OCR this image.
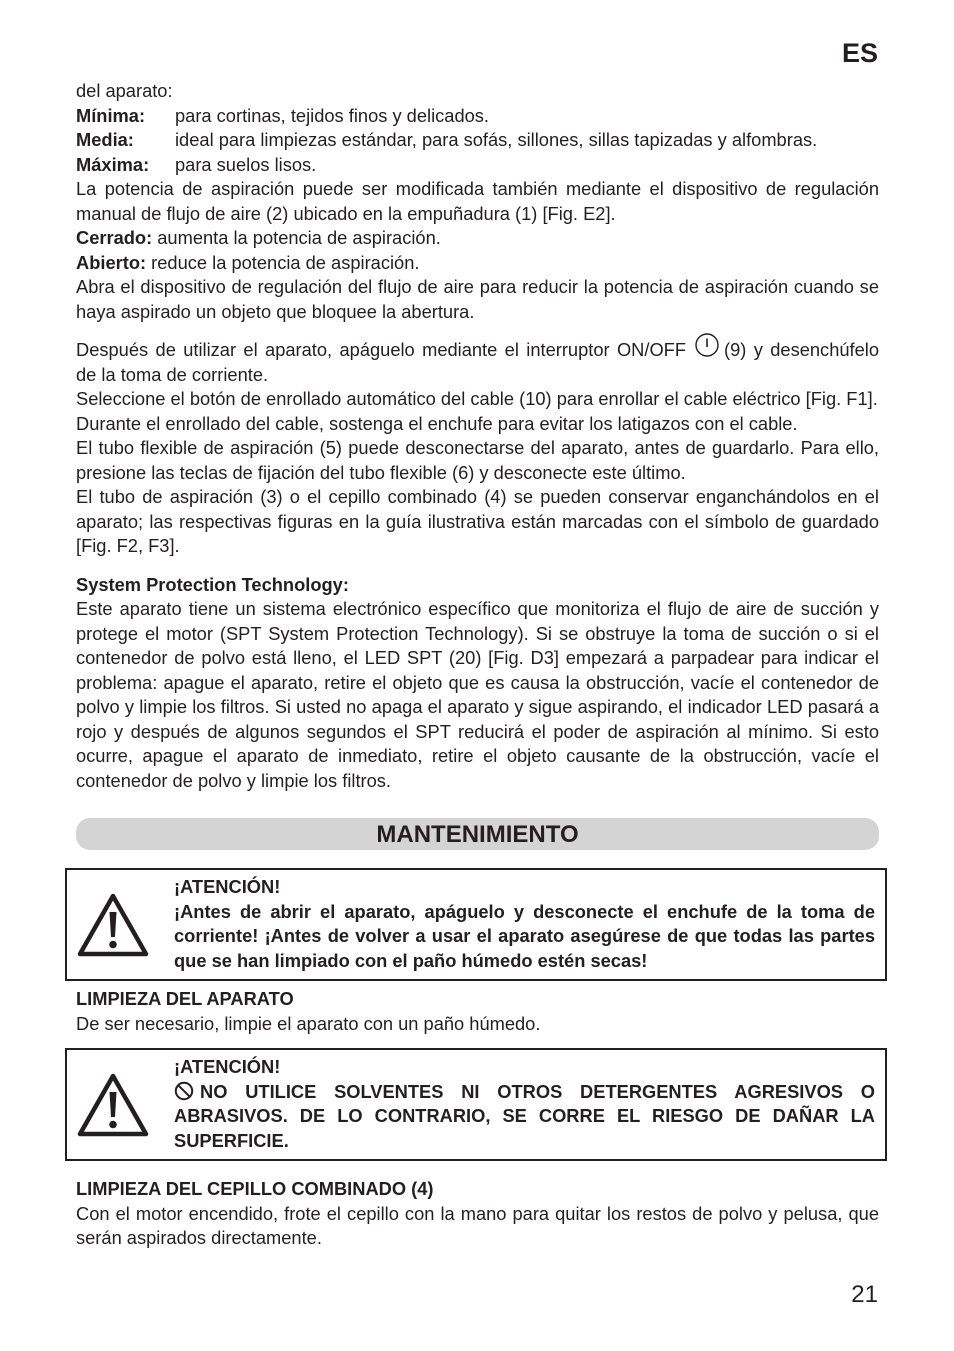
ES

del aparato:

Mínima:	para cortinas, tejidos finos y delicados.
Media:	ideal para limpiezas estándar, para sofás, sillones, sillas tapizadas y alfombras.
Máxima:	para suelos lisos.

La potencia de aspiración puede ser modificada también mediante el dispositivo de regulación manual de flujo de aire (2) ubicado en la empuñadura (1) [Fig. E2].

Cerrado: aumenta la potencia de aspiración.

Abierto: reduce la potencia de aspiración.

Abra el dispositivo de regulación del flujo de aire para reducir la potencia de aspiración cuando se haya aspirado un objeto que bloquee la abertura.

Después de utilizar el aparato, apáguelo mediante el interruptor ON/OFF (9) y desenchúfelo de la toma de corriente.

Seleccione el botón de enrollado automático del cable (10) para enrollar el cable eléctrico [Fig. F1].

Durante el enrollado del cable, sostenga el enchufe para evitar los latigazos con el cable.

El tubo flexible de aspiración (5) puede desconectarse del aparato, antes de guardarlo. Para ello, presione las teclas de fijación del tubo flexible (6) y desconecte este último.

El tubo de aspiración (3) o el cepillo combinado (4) se pueden conservar enganchándolos en el aparato; las respectivas figuras en la guía ilustrativa están marcadas con el símbolo de guardado [Fig. F2, F3].

System Protection Technology:

Este aparato tiene un sistema electrónico específico que monitoriza el flujo de aire de succión y protege el motor (SPT System Protection Technology). Si se obstruye la toma de succión o si el contenedor de polvo está lleno, el LED SPT (20) [Fig. D3] empezará a parpadear para indicar el problema: apague el aparato, retire el objeto que es causa la obstrucción, vacíe el contenedor de polvo y limpie los filtros. Si usted no apaga el aparato y sigue aspirando, el indicador LED pasará a rojo y después de algunos segundos el SPT reducirá el poder de aspiración al mínimo. Si esto ocurre, apague el aparato de inmediato, retire el objeto causante de la obstrucción, vacíe el contenedor de polvo y limpie los filtros.

MANTENIMIENTO
¡ATENCIÓN!

¡Antes de abrir el aparato, apáguelo y desconecte el enchufe de la toma de corriente! ¡Antes de volver a usar el aparato asegúrese de que todas las partes que se han limpiado con el paño húmedo estén secas!

LIMPIEZA DEL APARATO

De ser necesario, limpie el aparato con un paño húmedo.

¡ATENCIÓN!

NO UTILICE SOLVENTES NI OTROS DETERGENTES AGRESIVOS O ABRASIVOS. DE LO CONTRARIO, SE CORRE EL RIESGO DE DAÑAR LA SUPERFICIE.

LIMPIEZA DEL CEPILLO COMBINADO (4)

Con el motor encendido, frote el cepillo con la mano para quitar los restos de polvo y pelusa, que serán aspirados directamente.

21
